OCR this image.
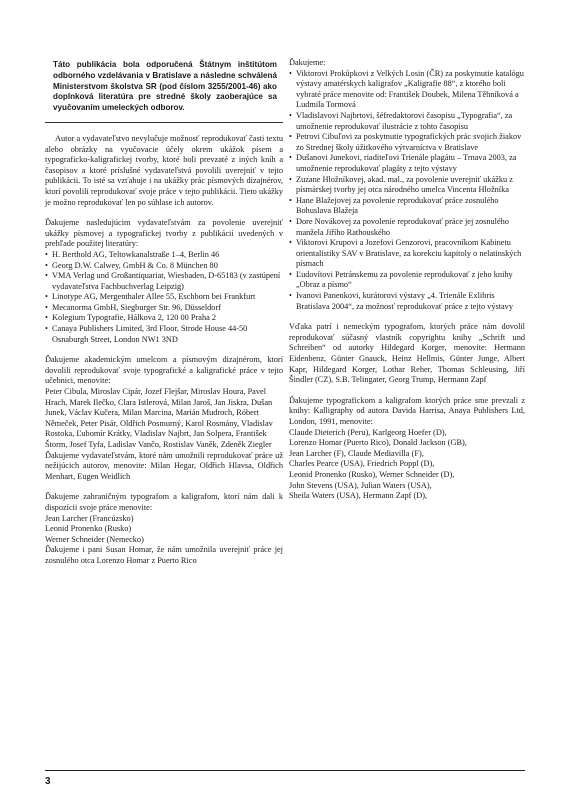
Táto publikácia bola odporučená Štátnym inštitútom odborného vzdelávania v Bratislave a následne schválená Ministerstvom školstva SR (pod číslom 3255/2001-46) ako doplnková literatúra pre stredné školy zaoberajúce sa vyučovaním umeleckých odborov.

Autor a vydavateľstvo nevylučuje možnosť reprodukovať časti textu alebo obrázky na vyučovacie účely okrem ukážok písem a typograficko-kaligrafickej tvorby, ktoré boli prevzaté z iných kníh a časopisov a ktoré príslušné vydavateľstvá povolili uverejniť v tejto publikácii. To isté sa vzťahuje i na ukážky prác písmových dizajnérov, ktorí povolili reprodukovať svoje práce v tejto publikácii. Tieto ukážky je možno reprodukovať len po súhlase ich autorov.

Ďakujeme nasledujúcim vydavateľstvám za povolenie uverejniť ukážky písmovej a typografickej tvorby z publikácií uvedených v prehľade použitej literatúry:

• H. Berthold AG, Teltowkanalstraße 1–4, Berlin 46
• Georg D.W. Calwey, GmbH & Co. 8 München 80
• VMA Verlag und Großantiquariat, Wiesbaden, D-65183 (v zastúpení vydavateľstva Fachbuchverlag Leipzig)
• Linotype AG, Mergenthaler Allee 55, Eschborn bei Frankfurt
• Mecanorma GmbH, Siegburger Str. 96, Düsseldorf
• Kolegium Typografie, Hálkova 2, 120 00 Praha 2
• Canaya Publishers Limited, 3rd Floor, Strode House 44-50 Osnaburgh Street, London NW1 3ND

Ďakujeme akademickým umelcom a písmovým dizajnérom, ktorí dovolili reprodukovať svoje typografické a kaligrafické práce v tejto učebnici, menovite:

Peter Cibula, Miroslav Cipár, Jozef Flejšar, Miroslav Houra, Pavel Hrach, Marek Ilečko, Clara Istlerová, Milan Jaroš, Jan Jiskra, Dušan Junek, Václav Kučera, Milan Marcina, Marián Mudroch, Róbert Němeček, Peter Pisár, Oldřich Posmurný, Karol Rosmány, Vladislav Rostoka, Ľubomír Krátky, Vladislav Najbrt, Jan Solpera, František Štorm, Josef Tyfa, Ladislav Vančo, Rostislav Vaněk, Zdeněk Ziegler

Ďakujeme vydavateľstvám, ktoré nám umožnili reprodukovať práce už nežijúcich autorov, menovite: Milan Hegar, Oldřich Hlavsa, Oldřich Menhart, Eugen Weidlich

Ďakujeme zahraničným typografom a kaligrafom, ktorí nám dali k dispozícii svoje práce menovite:

Jean Larcher (Francúzsko)

Leonid Pronenko (Rusko)

Werner Schneider (Nemecko)

Ďakujeme i pani Susan Homar, že nám umožnila uverejniť práce jej zosnulého otca Lorenzo Homar z Puerto Rico

Ďakujeme:

• Viktorovi Prokůpkovi z Velkých Losin (ČR) za poskytnutie katalógu výstavy amatérskych kaligrafov „Kaligrafie 88“, z ktorého boli vybraté práce menovite od: František Doubek, Milena Těhníková a Ludmila Tormová
• Vladislavovi Najbrtovi, šéfredaktorovi časopisu „Typografia“, za umožnenie reprodukovať ilustrácie z tohto časopisu
• Petrovi Cibuľovi za poskytnutie typografických prác svojich žiakov zo Strednej školy úžitkového výtvarníctva v Bratislave
• Dušanovi Junekovi, riaditeľovi Trienále plagátu – Trnava 2003, za umožnenie reprodukovať plagáty z tejto výstavy
• Zuzane Hložníkovej, akad. mal., za povolenie uverejniť ukážku z písmárskej tvorby jej otca národného umelca Vincenta Hložníka
• Hane Blažejovej za povolenie reprodukovať práce zosnulého Bohuslava Blažeja
• Dore Novákovej za povolenie reprodukovať práce jej zosnulého manžela Jiřího Rathouského
• Viktorovi Krupovi a Jozefovi Genzorovi, pracovníkom Kabinetu orientalistiky SAV v Bratislave, za korekciu kapitoly o nelatinských písmach
• Ľudovítovi Petránskemu za povolenie reprodukovať z jeho knihy „Obraz a písmo“
• Ivanovi Panenkovi, kurátorovi výstavy „4. Trienále Exlibris Bratislava 2004“, za možnosť reprodukovať práce z tejto výstavy

Vďaka patrí i nemeckým typografom, ktorých práce nám dovolil reprodukovať súčasný vlastník copyrightu knihy „Schrift und Schreiben“ od autorky Hildegard Korger, menovite: Hermann Eidenbenz, Günter Gnauck, Heinz Hellmis, Günter Junge, Albert Kapr, Hildegard Korger, Lothar Reher, Thomas Schleusing, Jiří Šindler (CZ), S.B. Telingater, Georg Trump, Hermann Zapf

Ďakujeme typografickom a kaligrafom ktorých práce sme prevzali z knihy: Kalligraphy od autora Davida Harrisa, Anaya Publishers Ltd, London, 1991, menovite:

Claude Dieterich (Peru), Karlgeorg Hoefer (D),

Lorenzo Homar (Puerto Rico), Donald Jackson (GB),

Jean Larcher (F), Claude Mediavilla (F),

Charles Pearce (USA), Friedrich Poppl (D),

Leonid Pronenko (Rusko), Werner Schneider (D),

John Stevens (USA), Julian Waters (USA),

Sheila Waters (USA), Hermann Zapf (D),

3
